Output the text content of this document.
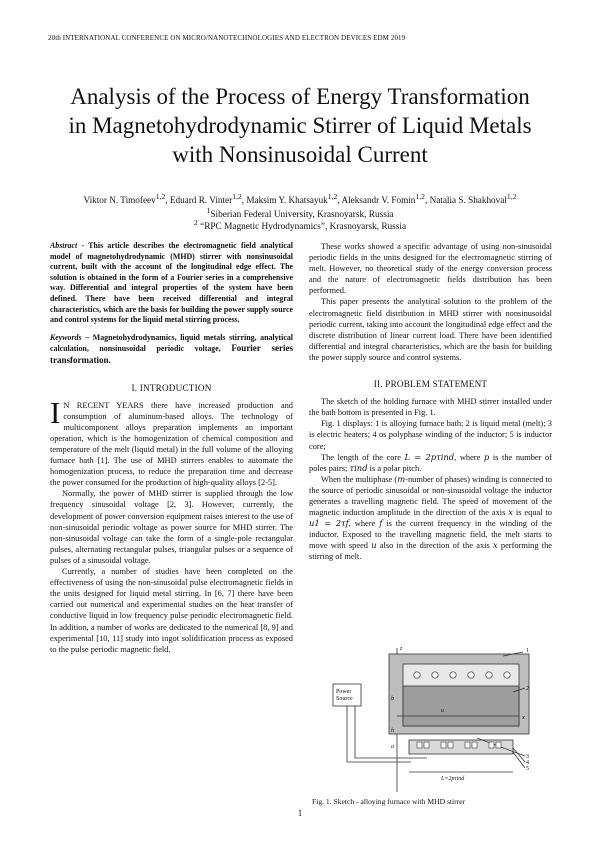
20th INTERNATIONAL CONFERENCE ON MICRO/NANOTECHNOLOGIES AND ELECTRON DEVICES EDM 2019
Analysis of the Process of Energy Transformation
in Magnetohydrodynamic Stirrer of Liquid Metals
with Nonsinusoidal Current
Viktor N. Timofeev$^{1,2}$, Eduard R. Vinter$^{1,2}$, Maksim Y. Khatsayuk$^{1,2}$, Aleksandr V. Fomin$^{1,2}$, Natalia S. Shakhoval$^{1,2}$
$^1$Siberian Federal University, Krasnoyarsk, Russia
$^2$ “RPC Magnetic Hydrodynamics”, Krasnoyarsk, Russia

Abstract - This article describes the electromagnetic field analytical model of magnetohydrodynamic (MHD) stirrer with nonsinusoidal current, built with the account of the longitudinal edge effect. The solution is obtained in the form of a Fourier series in a comprehensive way. Differential and integral properties of the system have been defined. There have been received differential and integral characteristics, which are the basis for building the power supply source and control systems for the liquid metal stirring process.

Keywords – Magnetohydrodynamics, liquid metals stirring, analytical calculation, nonsinusoidal periodic voltage, Fourier series transformation.

I. INTRODUCTION

I N RECENT YEARS there have increased production and consumption of aluminum-based alloys. The technology of multicomponent alloys preparation implements an important operation, which is the homogenization of chemical composition and temperature of the melt (liquid metal) in the full volume of the alloying furnace bath [1]. The use of MHD stirrers enables to automate the homogenization process, to reduce the preparation time and decrease the power consumed for the production of high-quality alloys [2-5].

Normally, the power of MHD stirrer is supplied through the low frequency sinusoidal voltage [2, 3]. However, currently, the development of power conversion equipment raises interest to the use of non-sinusoidal periodic voltage as power source for MHD stirrer. The non-sinusoidal voltage can take the form of a single-pole rectangular pulses, alternating rectangular pulses, triangular pulses or a sequence of pulses of a sinusoidal voltage.

Currently, a number of studies have been completed on the effectiveness of using the non-sinusoidal pulse electromagnetic fields in the units designed for liquid metal stirring. In [6, 7] there have been carried out numerical and experimental studies on the heat transfer of conductive liquid in low frequency pulse periodic electromagnetic field. In addition, a number of works are dedicated to the numerical [8, 9] and experimental [10, 11] study into ingot solidification process as exposed to the pulse periodic magnetic field.

These works showed a specific advantage of using non-sinusoidal periodic fields in the units designed for the electromagnetic stirring of melt. However, no theoretical study of the energy conversion process and the nature of electromagnetic fields distribution has been performed.

This paper presents the analytical solution to the problem of the electromagnetic field distribution in MHD stirrer with nonsinusoidal periodic current, taking into account the longitudinal edge effect and the discrete distribution of linear current load. There have been identified differential and integral characteristics, which are the basis for building the power supply source and control systems.

II. PROBLEM STATEMENT

The sketch of the holding furnace with MHD stirrer installed under the bath bottom is presented in Fig. 1.

Fig. 1 displays: 1 is alloying furnace bath; 2 is liquid metal (melt); 3 is electric heaters; 4 os polyphase winding of the inductor; 5 is inductor core;

The length of the core L = 2pτind, where p is the number of poles pairs; τind is a polar pitch.

When the multiphase (m-number of phases) winding is connected to the source of periodic sinusoidal or non-sinusoidal voltage the inductor generates a travelling magnetic field. The speed of movement of the magnetic induction amplitude in the direction of the axis x is equal to u1 = 2τf, where f is the current frequency in the winding of the inductor. Exposed to the travelling magnetic field, the melt starts to move with speed u also in the direction of the axis x performing the stirring of melt.

Power
Source
z
x
u
L=2pτind
b
h
a
1
2
3
4
5
Fig. 1. Sketch - alloying furnace with MHD stirrer
1
